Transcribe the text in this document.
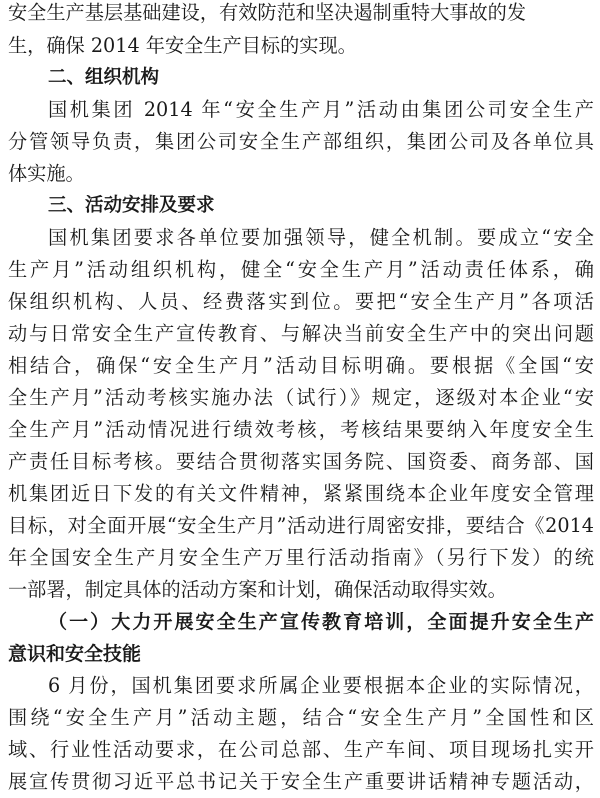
安全生产基层基础建设，有效防范和坚决遏制重特大事故的发
生，确保 2014 年安全生产目标的实现。
二、组织机构
国机集团 2014 年“安全生产月”活动由集团公司安全生产
分管领导负责，集团公司安全生产部组织，集团公司及各单位具
体实施。
三、活动安排及要求
国机集团要求各单位要加强领导，健全机制。要成立“安全
生产月”活动组织机构，健全“安全生产月”活动责任体系，确
保组织机构、人员、经费落实到位。要把“安全生产月”各项活
动与日常安全生产宣传教育、与解决当前安全生产中的突出问题
相结合，确保“安全生产月”活动目标明确。要根据《全国“安
全生产月”活动考核实施办法（试行）》规定，逐级对本企业“安
全生产月”活动情况进行绩效考核，考核结果要纳入年度安全生
产责任目标考核。要结合贯彻落实国务院、国资委、商务部、国
机集团近日下发的有关文件精神，紧紧围绕本企业年度安全管理
目标，对全面开展“安全生产月”活动进行周密安排，要结合《2014
年全国安全生产月安全生产万里行活动指南》（另行下发）的统
一部署，制定具体的活动方案和计划，确保活动取得实效。
（一）大力开展安全生产宣传教育培训，全面提升安全生产
意识和安全技能
6 月份，国机集团要求所属企业要根据本企业的实际情况，
围绕“安全生产月”活动主题，结合“安全生产月”全国性和区
域、行业性活动要求，在公司总部、生产车间、项目现场扎实开
展宣传贯彻习近平总书记关于安全生产重要讲话精神专题活动，
